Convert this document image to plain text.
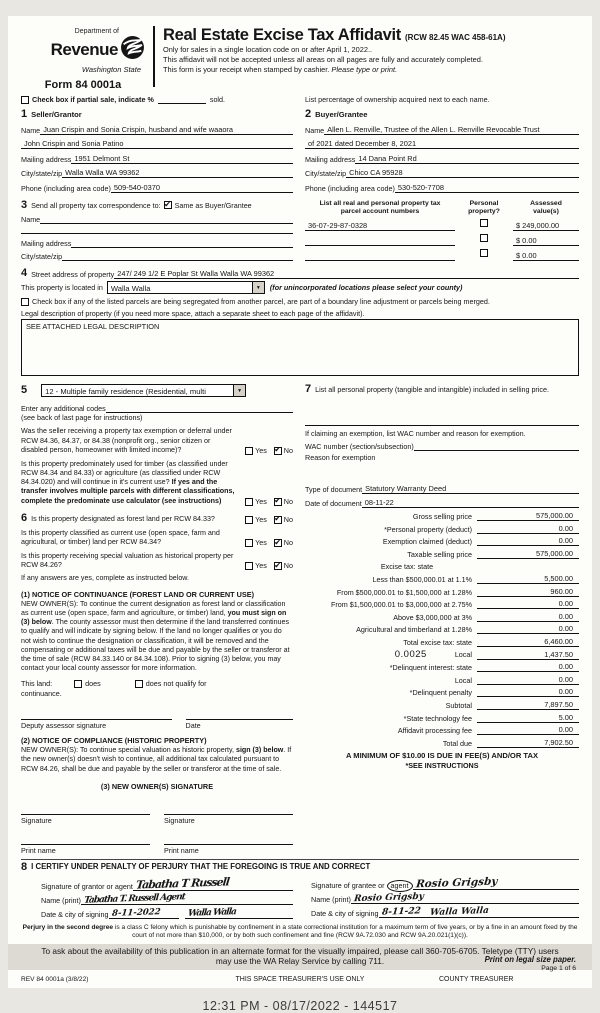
Department of
Revenue
Washington State
Form 84 0001a
Real Estate Excise Tax Affidavit (RCW 82.45 WAC 458-61A)
Only for sales in a single location code on or after April 1, 2022..
This affidavit will not be accepted unless all areas on all pages are fully and accurately completed.
This form is your receipt when stamped by cashier. Please type or print.
Check box if partial sale, indicate %	sold.	List percentage of ownership acquired next to each name.
1 Seller/Grantor
Name Juan Crispin and Sonia Crispin, husband and wife waaora
John Crispin and Sonia Patino
Mailing address 1951 Delmont St
City/state/zip Walla Walla WA 99362
Phone (including area code) 509-540-0370
2 Buyer/Grantee
Name Allen L. Renville, Trustee of the Allen L. Renville Revocable Trust
of 2021 dated December 8, 2021
Mailing address 14 Dana Point Rd
City/state/zip Chico CA 95928
Phone (including area code) 530-520-7708
3 Send all property tax correspondence to: ✔ Same as Buyer/Grantee
Name
Mailing address
City/state/zip
List all real and personal property tax
parcel account numbers
Personal
property?
Assessed
value(s)
36-07-29-87-0328	$ 249,000.00
$ 0.00
$ 0.00
4 Street address of property 247/ 249 1/2 E Poplar St Walla Walla WA 99362
This property is located in	Walla Walla	▼	(for unincorporated locations please select your county)
Check box if any of the listed parcels are being segregated from another parcel, are part of a boundary line adjustment or parcels being merged.
Legal description of property (if you need more space, attach a separate sheet to each page of the affidavit).
SEE ATTACHED LEGAL DESCRIPTION
5	12 - Multiple family residence (Residential, multi	▼
Enter any additional codes
(see back of last page for instructions)
Was the seller receiving a property tax exemption or deferral under RCW 84.36, 84.37, or 84.38 (nonprofit org., senior citizen or disabled person, homeowner with limited income)?	Yes ✔ No
Is this property predominately used for timber (as classified under RCW 84.34 and 84.33) or agriculture (as classified under RCW 84.34.020) and will continue in it's current use? If yes and the transfer involves multiple parcels with different classifications, complete the predominate use calculator (see instructions)	Yes ✔ No
6 Is this property designated as forest land per RCW 84.33?	Yes ✔ No
Is this property classified as current use (open space, farm and agricultural, or timber) land per RCW 84.34?	Yes ✔ No
Is this property receiving special valuation as historical property per RCW 84.26?	Yes ✔ No
If any answers are yes, complete as instructed below.
(1) NOTICE OF CONTINUANCE (FOREST LAND OR CURRENT USE)
NEW OWNER(S): To continue the current designation as forest land or classification as current use (open space, farm and agriculture, or timber) land, you must sign on (3) below. The county assessor must then determine if the land transferred continues to qualify and will indicate by signing below. If the land no longer qualifies or you do not wish to continue the designation or classification, it will be removed and the compensating or additional taxes will be due and payable by the seller or transferor at the time of sale (RCW 84.33.140 or 84.34.108). Prior to signing (3) below, you may contact your local county assessor for more information.
This land:	does	does not qualify for
continuance.
Deputy assessor signature	Date
(2) NOTICE OF COMPLIANCE (HISTORIC PROPERTY)
NEW OWNER(S): To continue special valuation as historic property, sign (3) below. If the new owner(s) doesn't wish to continue, all additional tax calculated pursuant to RCW 84.26, shall be due and payable by the seller or transferor at the time of sale.
(3) NEW OWNER(S) SIGNATURE
Signature	Signature
Print name	Print name
7 List all personal property (tangible and intangible) included in selling price.
If claiming an exemption, list WAC number and reason for exemption.
WAC number (section/subsection)
Reason for exemption
Type of document Statutory Warranty Deed
Date of document 08-11-22
Gross selling price	575,000.00
*Personal property (deduct)	0.00
Exemption claimed (deduct)	0.00
Taxable selling price	575,000.00
Excise tax: state
Less than $500,000.01 at 1.1%	5,500.00
From $500,000.01 to $1,500,000 at 1.28%	960.00
From $1,500,000.01 to $3,000,000 at 2.75%	0.00
Above $3,000,000 at 3%	0.00
Agricultural and timberland at 1.28%	0.00
Total excise tax: state	6,460.00
0.0025	Local	1,437.50
*Delinquent interest: state	0.00
Local	0.00
*Delinquent penalty	0.00
Subtotal	7,897.50
*State technology fee	5.00
Affidavit processing fee	0.00
Total due	7,902.50
A MINIMUM OF $10.00 IS DUE IN FEE(S) AND/OR TAX
*SEE INSTRUCTIONS
8 I CERTIFY UNDER PENALTY OF PERJURY THAT THE FOREGOING IS TRUE AND CORRECT
Signature of grantor or agent Tabatha T Russell
Name (print) Tabatha T. Russell Agent
Date & city of signing 8-11-2022	Walla Walla
Signature of grantee or agent Rosio Grigsby
Name (print) Rosio Grigsby
Date & city of signing 8-11-22 Walla Walla
Perjury in the second degree is a class C felony which is punishable by confinement in a state correctional institution for a maximum term of five years, or by a fine in an amount fixed by the court of not more than $10,000, or by both such confinement and fine (RCW 9A.72.030 and RCW 9A.20.021(1)(c)).
To ask about the availability of this publication in an alternate format for the visually impaired, please call 360-705-6705. Teletype (TTY) users may use the WA Relay Service by calling 711.
REV 84 0001a (3/8/22)	THIS SPACE TREASURER'S USE ONLY	COUNTY TREASURER
12:31 PM - 08/17/2022 - 144517
Print on legal size paper.
Page 1 of 6
